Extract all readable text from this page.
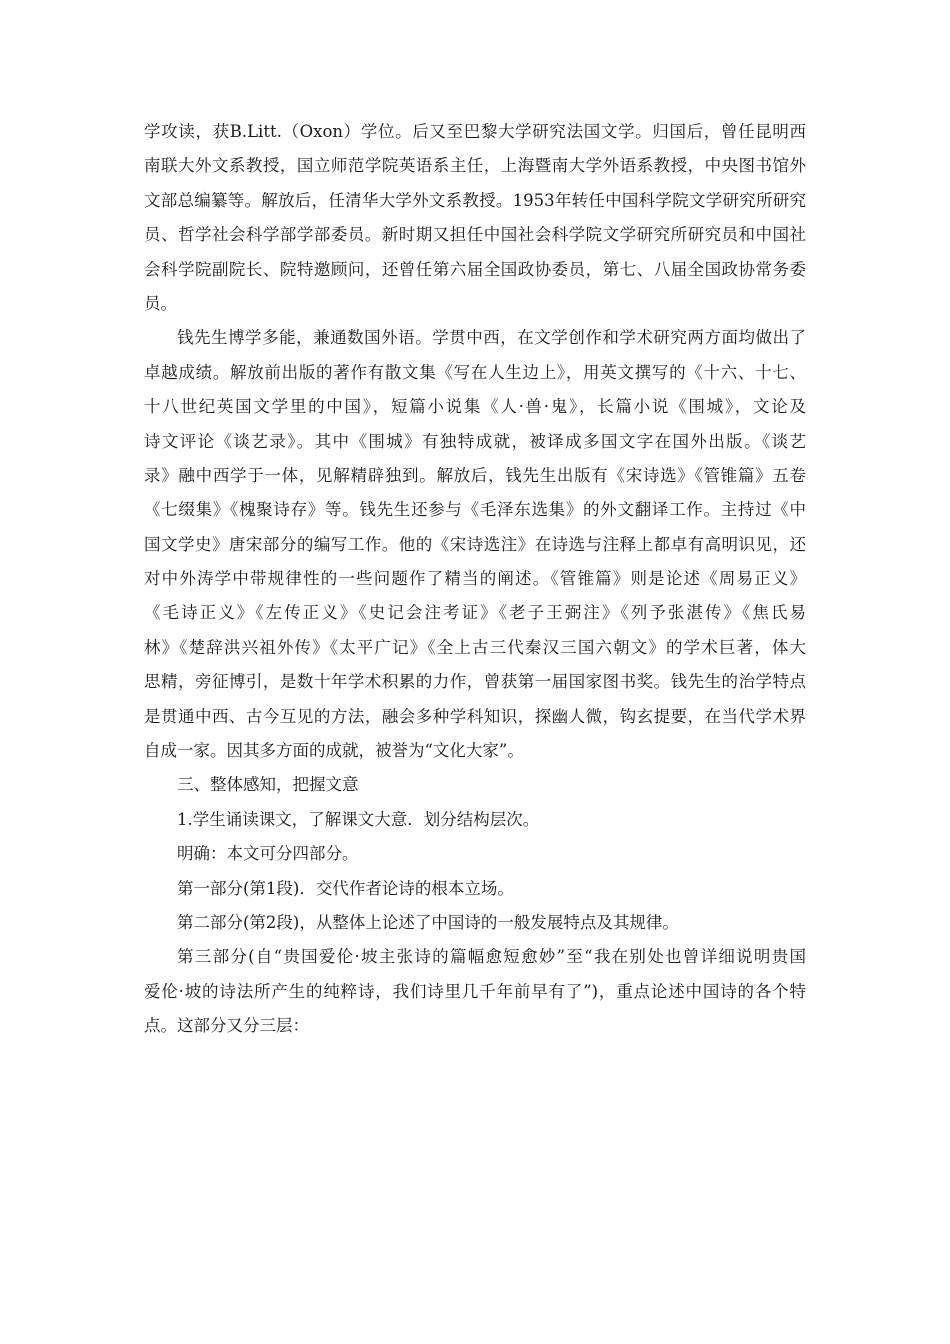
学攻读，获B.Litt.（Oxon）学位。后又至巴黎大学研究法国文学。归国后，曾任昆明西
南联大外文系教授，国立师范学院英语系主任，上海暨南大学外语系教授，中央图书馆外
文部总编纂等。解放后，任清华大学外文系教授。1953年转任中国科学院文学研究所研究
员、哲学社会科学部学部委员。新时期又担任中国社会科学院文学研究所研究员和中国社
会科学院副院长、院特邀顾问，还曾任第六届全国政协委员，第七、八届全国政协常务委
员。
钱先生博学多能，兼通数国外语。学贯中西，在文学创作和学术研究两方面均做出了
卓越成绩。解放前出版的著作有散文集《写在人生边上》，用英文撰写的《十六、十七、
十八世纪英国文学里的中国》，短篇小说集《人·兽·鬼》，长篇小说《围城》，文论及
诗文评论《谈艺录》。其中《围城》有独特成就，被译成多国文字在国外出版。《谈艺
录》融中西学于一体，见解精辟独到。解放后，钱先生出版有《宋诗选》《管锥篇》五卷
《七缀集》《槐聚诗存》等。钱先生还参与《毛泽东选集》的外文翻译工作。主持过《中
国文学史》唐宋部分的编写工作。他的《宋诗选注》在诗选与注释上都卓有高明识见，还
对中外涛学中带规律性的一些问题作了精当的阐述。《管锥篇》则是论述《周易正义》
《毛诗正义》《左传正义》《史记会注考证》《老子王弼注》《列予张湛传》《焦氏易
林》《楚辞洪兴祖外传》《太平广记》《全上古三代秦汉三国六朝文》的学术巨著，体大
思精，旁征博引，是数十年学术积累的力作，曾获第一届国家图书奖。钱先生的治学特点
是贯通中西、古今互见的方法，融会多种学科知识，探幽人微，钩玄提要，在当代学术界
自成一家。因其多方面的成就，被誉为“文化大家”。
三、整体感知，把握文意
1.学生诵读课文，了解课文大意．划分结构层次。
明确：本文可分四部分。
第一部分(第1段)．交代作者论诗的根本立场。
第二部分(第2段)，从整体上论述了中国诗的一般发展特点及其规律。
第三部分(自“贵国爱伦·坡主张诗的篇幅愈短愈妙”至“我在别处也曾详细说明贵国
爱伦·坡的诗法所产生的纯粹诗，我们诗里几千年前早有了”)，重点论述中国诗的各个特
点。这部分又分三层：
